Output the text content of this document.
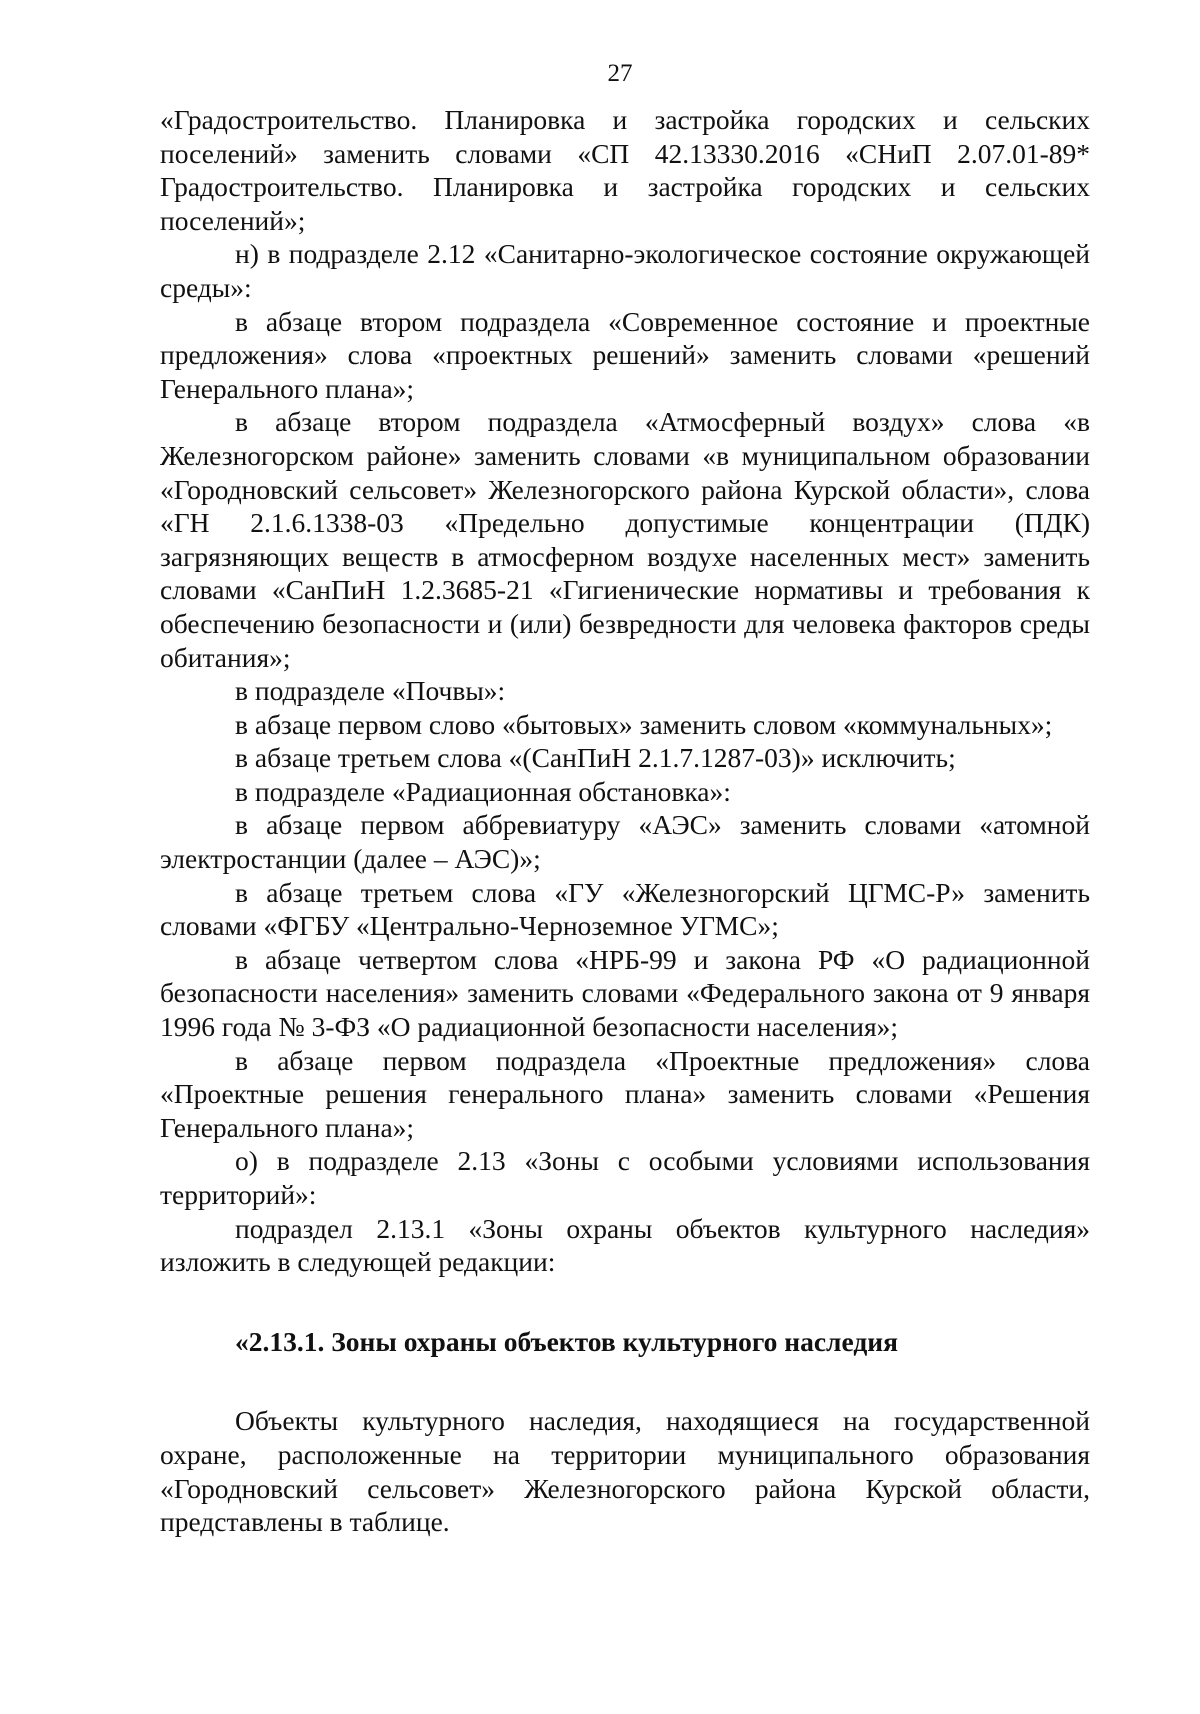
27

«Градостроительство. Планировка и застройка городских и сельских поселений» заменить словами «СП 42.13330.2016 «СНиП 2.07.01-89* Градостроительство. Планировка и застройка городских и сельских поселений»;

н) в подразделе 2.12 «Санитарно-экологическое состояние окружающей среды»:

в абзаце втором подраздела «Современное состояние и проектные предложения» слова «проектных решений» заменить словами «решений Генерального плана»;

в абзаце втором подраздела «Атмосферный воздух» слова «в Железногорском районе» заменить словами «в муниципальном образовании «Городновский сельсовет» Железногорского района Курской области», слова «ГН 2.1.6.1338-03 «Предельно допустимые концентрации (ПДК) загрязняющих веществ в атмосферном воздухе населенных мест» заменить словами «СанПиН 1.2.3685-21 «Гигиенические нормативы и требования к обеспечению безопасности и (или) безвредности для человека факторов среды обитания»;

в подразделе «Почвы»:

в абзаце первом слово «бытовых» заменить словом «коммунальных»;

в абзаце третьем слова «(СанПиН 2.1.7.1287-03)» исключить;

в подразделе «Радиационная обстановка»:

в абзаце первом аббревиатуру «АЭС» заменить словами «атомной электростанции (далее – АЭС)»;

в абзаце третьем слова «ГУ «Железногорский ЦГМС-Р» заменить словами «ФГБУ «Центрально-Черноземное УГМС»;

в абзаце четвертом слова «НРБ-99 и закона РФ «О радиационной безопасности населения» заменить словами «Федерального закона от 9 января 1996 года № 3-ФЗ «О радиационной безопасности населения»;

в абзаце первом подраздела «Проектные предложения» слова «Проектные решения генерального плана» заменить словами «Решения Генерального плана»;

о) в подразделе 2.13 «Зоны с особыми условиями использования территорий»:

подраздел 2.13.1 «Зоны охраны объектов культурного наследия» изложить в следующей редакции:

«2.13.1. Зоны охраны объектов культурного наследия

Объекты культурного наследия, находящиеся на государственной охране, расположенные на территории муниципального образования «Городновский сельсовет» Железногорского района Курской области, представлены в таблице.
